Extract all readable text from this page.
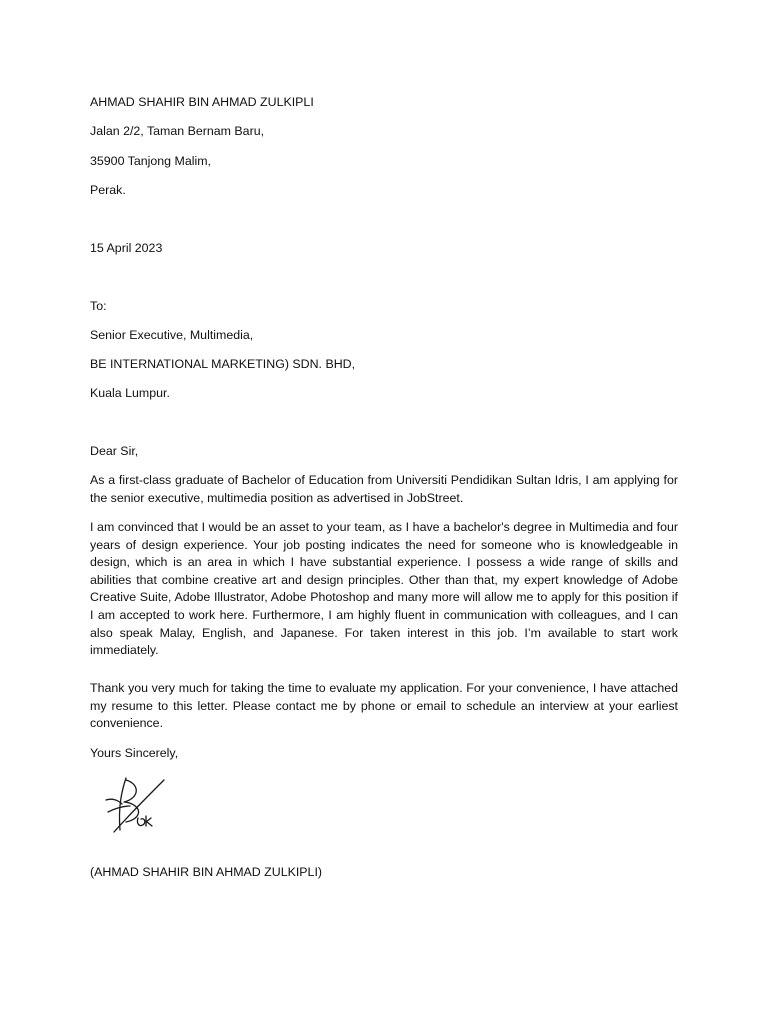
AHMAD SHAHIR BIN AHMAD ZULKIPLI
Jalan 2/2, Taman Bernam Baru,
35900 Tanjong Malim,
Perak.
15 April 2023
To:
Senior Executive, Multimedia,
BE INTERNATIONAL MARKETING) SDN. BHD,
Kuala Lumpur.
Dear Sir,
As a first-class graduate of Bachelor of Education from Universiti Pendidikan Sultan Idris, I am applying for the senior executive, multimedia position as advertised in JobStreet.
I am convinced that I would be an asset to your team, as I have a bachelor's degree in Multimedia and four years of design experience. Your job posting indicates the need for someone who is knowledgeable in design, which is an area in which I have substantial experience. I possess a wide range of skills and abilities that combine creative art and design principles. Other than that, my expert knowledge of Adobe Creative Suite, Adobe Illustrator, Adobe Photoshop and many more will allow me to apply for this position if I am accepted to work here. Furthermore, I am highly fluent in communication with colleagues, and I can also speak Malay, English, and Japanese. For taken interest in this job. I’m available to start work immediately.
Thank you very much for taking the time to evaluate my application. For your convenience, I have attached my resume to this letter. Please contact me by phone or email to schedule an interview at your earliest convenience.
Yours Sincerely,
(AHMAD SHAHIR BIN AHMAD ZULKIPLI)
